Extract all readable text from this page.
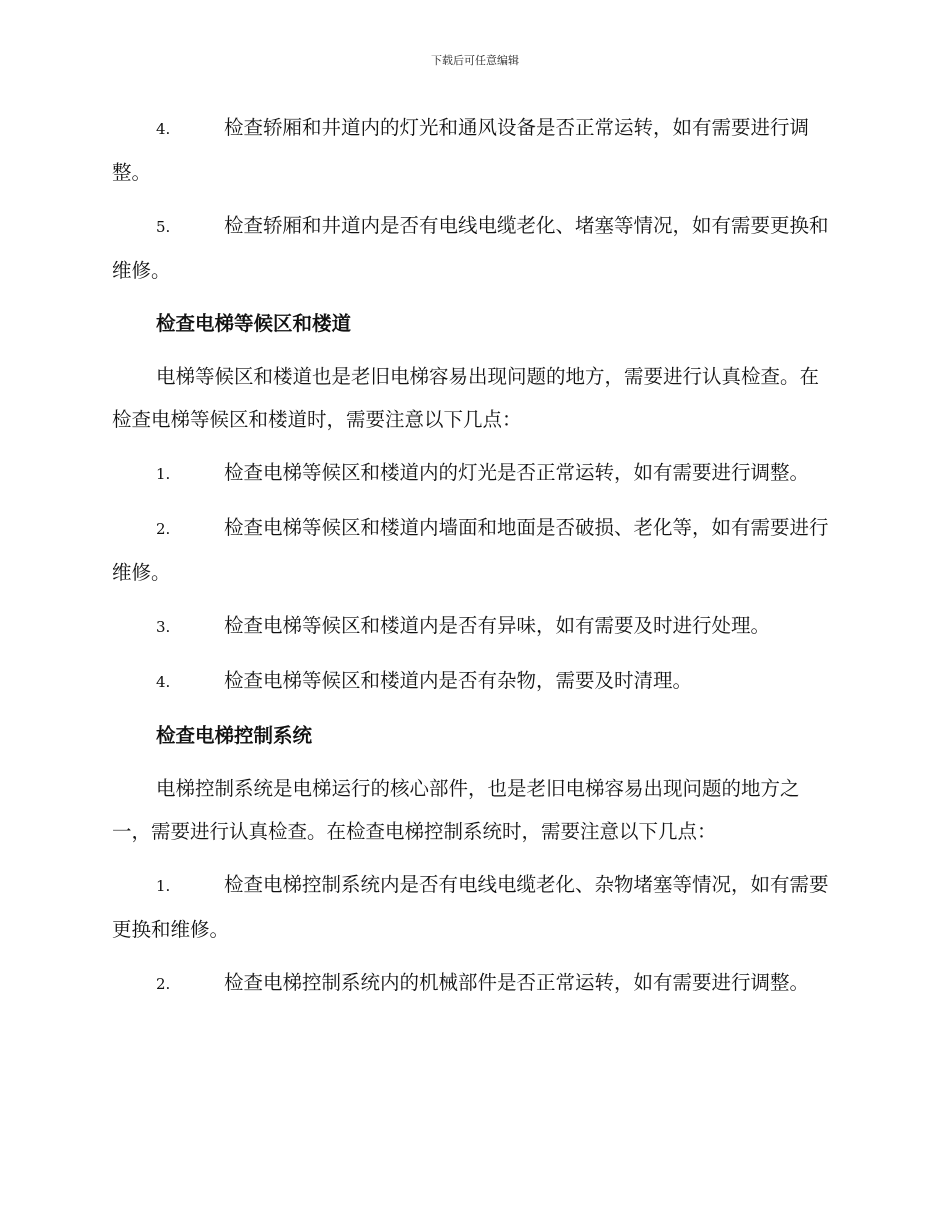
下载后可任意编辑

4.	检查轿厢和井道内的灯光和通风设备是否正常运转，如有需要进行调整。

5.	检查轿厢和井道内是否有电线电缆老化、堵塞等情况，如有需要更换和维修。

检查电梯等候区和楼道

电梯等候区和楼道也是老旧电梯容易出现问题的地方，需要进行认真检查。在检查电梯等候区和楼道时，需要注意以下几点：

1.	检查电梯等候区和楼道内的灯光是否正常运转，如有需要进行调整。

2.	检查电梯等候区和楼道内墙面和地面是否破损、老化等，如有需要进行维修。

3.	检查电梯等候区和楼道内是否有异味，如有需要及时进行处理。

4.	检查电梯等候区和楼道内是否有杂物，需要及时清理。

检查电梯控制系统

电梯控制系统是电梯运行的核心部件，也是老旧电梯容易出现问题的地方之一，需要进行认真检查。在检查电梯控制系统时，需要注意以下几点：

1.	检查电梯控制系统内是否有电线电缆老化、杂物堵塞等情况，如有需要更换和维修。

2.	检查电梯控制系统内的机械部件是否正常运转，如有需要进行调整。
